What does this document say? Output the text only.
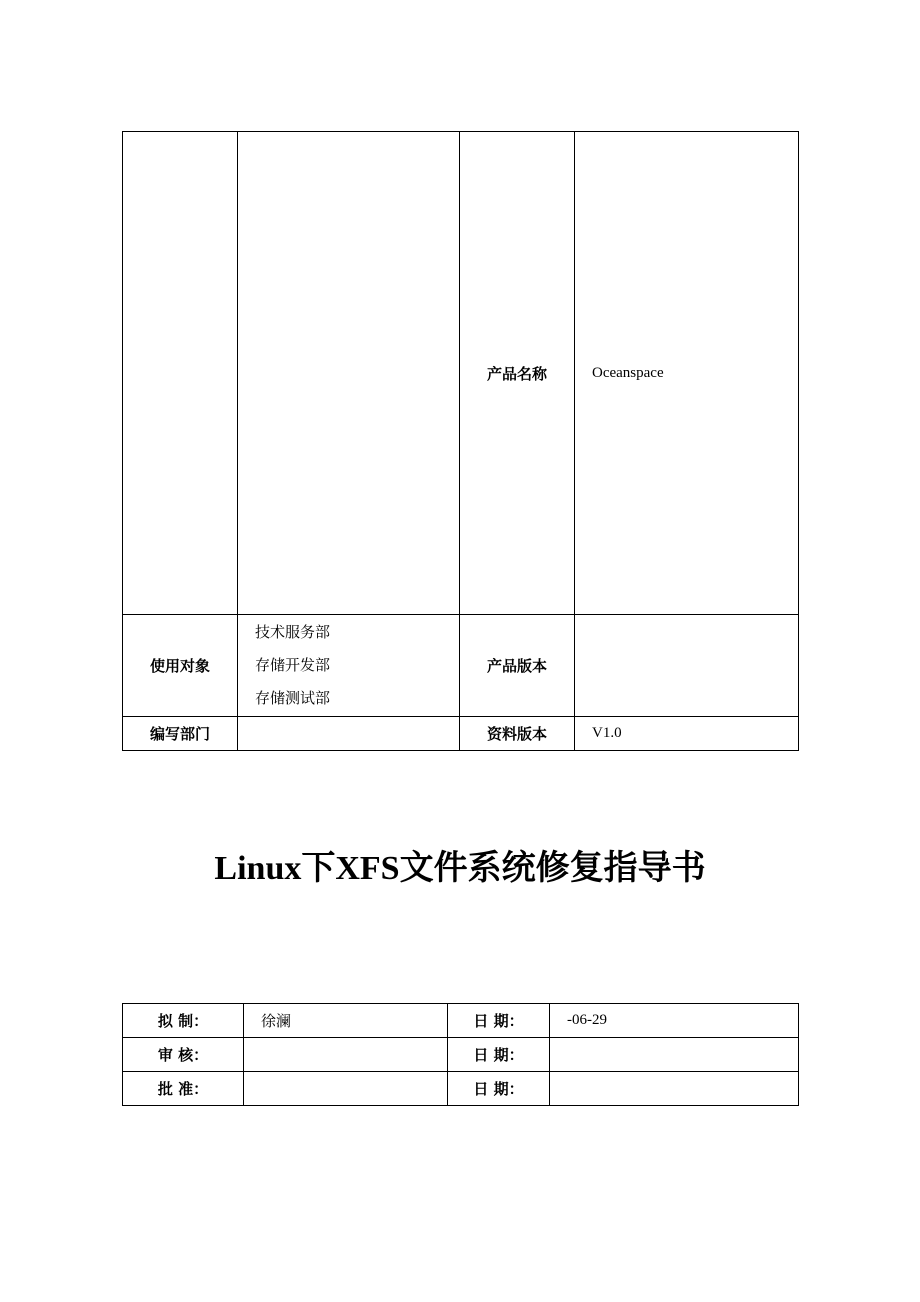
		产品名称	Oceanspace
使用对象	技术服务部
存储开发部
存储测试部	产品版本	
编写部门		资料版本	V1.0
Linux下XFS文件系统修复指导书
拟 制：	徐澜	日 期：	-06-29
审 核：		日 期：	
批 准：		日 期：	
